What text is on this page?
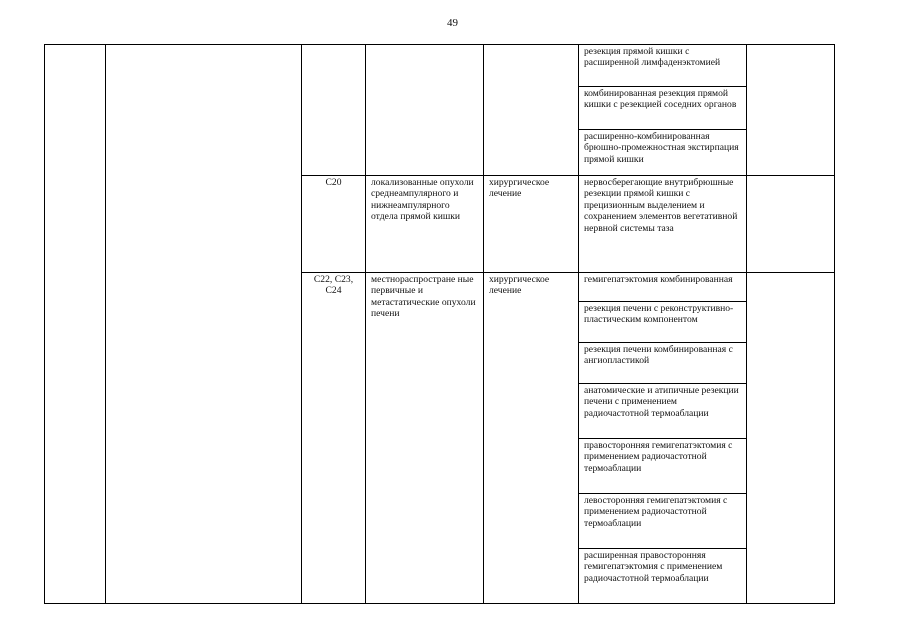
49

					резекция прямой кишки с расширенной лимфаденэктомией	

					комбинированная резекция прямой кишки с резекцией соседних органов	

					расширенно-комбинированная брюшно-промежностная экстирпация прямой кишки	

		C20	локализованные опухоли среднеампулярного и нижнеампулярного отдела прямой кишки	хирургическое лечение	нервосберегающие внутрибрюшные резекции прямой кишки с прецизионным выделением и сохранением элементов вегетативной нервной системы таза	

		C22, C23, C24	местнораспростране ные первичные и метастатические опухоли печени	хирургическое лечение	гемигепатэктомия комбинированная	

					резекция печени с реконструктивно-пластическим компонентом	

					резекция печени комбинированная с ангиопластикой	

					анатомические и атипичные резекции печени с применением радиочастотной термоаблации	

					правосторонняя гемигепатэктомия с применением радиочастотной термоаблации	

					левосторонняя гемигепатэктомия с применением радиочастотной термоаблации	

					расширенная правосторонняя гемигепатэктомия с применением радиочастотной термоаблации	
